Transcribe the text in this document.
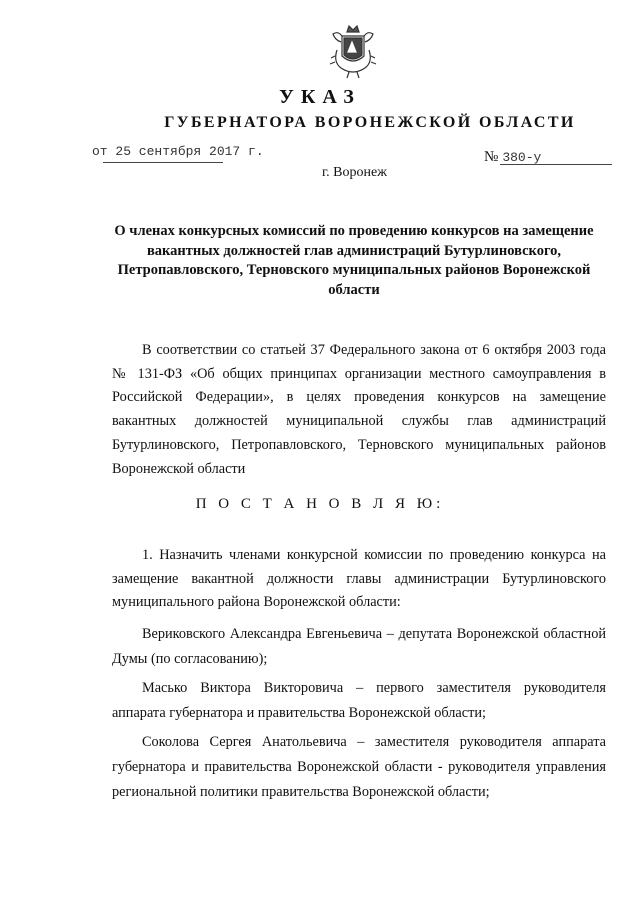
УКАЗ
ГУБЕРНАТОРА ВОРОНЕЖСКОЙ ОБЛАСТИ
от 25 сентября 2017 г.	№ 380-у
г. Воронеж
О членах конкурсных комиссий по проведению конкурсов на замещение вакантных должностей глав администраций Бутурлиновского, Петропавловского, Терновского муниципальных районов Воронежской области
В соответствии со статьей 37 Федерального закона от 6 октября 2003 года № 131-ФЗ «Об общих принципах организации местного самоуправления в Российской Федерации», в целях проведения конкурсов на замещение вакантных должностей муниципальной службы глав администраций Бутурлиновского, Петропавловского, Терновского муниципальных районов Воронежской области
П О С Т А Н О В Л Я Ю:
1. Назначить членами конкурсной комиссии по проведению конкурса на замещение вакантной должности главы администрации Бутурлиновского муниципального района Воронежской области:
Вериковского Александра Евгеньевича – депутата Воронежской областной Думы (по согласованию);
Масько Виктора Викторовича – первого заместителя руководителя аппарата губернатора и правительства Воронежской области;
Соколова Сергея Анатольевича – заместителя руководителя аппарата губернатора и правительства Воронежской области - руководителя управления региональной политики правительства Воронежской области;
